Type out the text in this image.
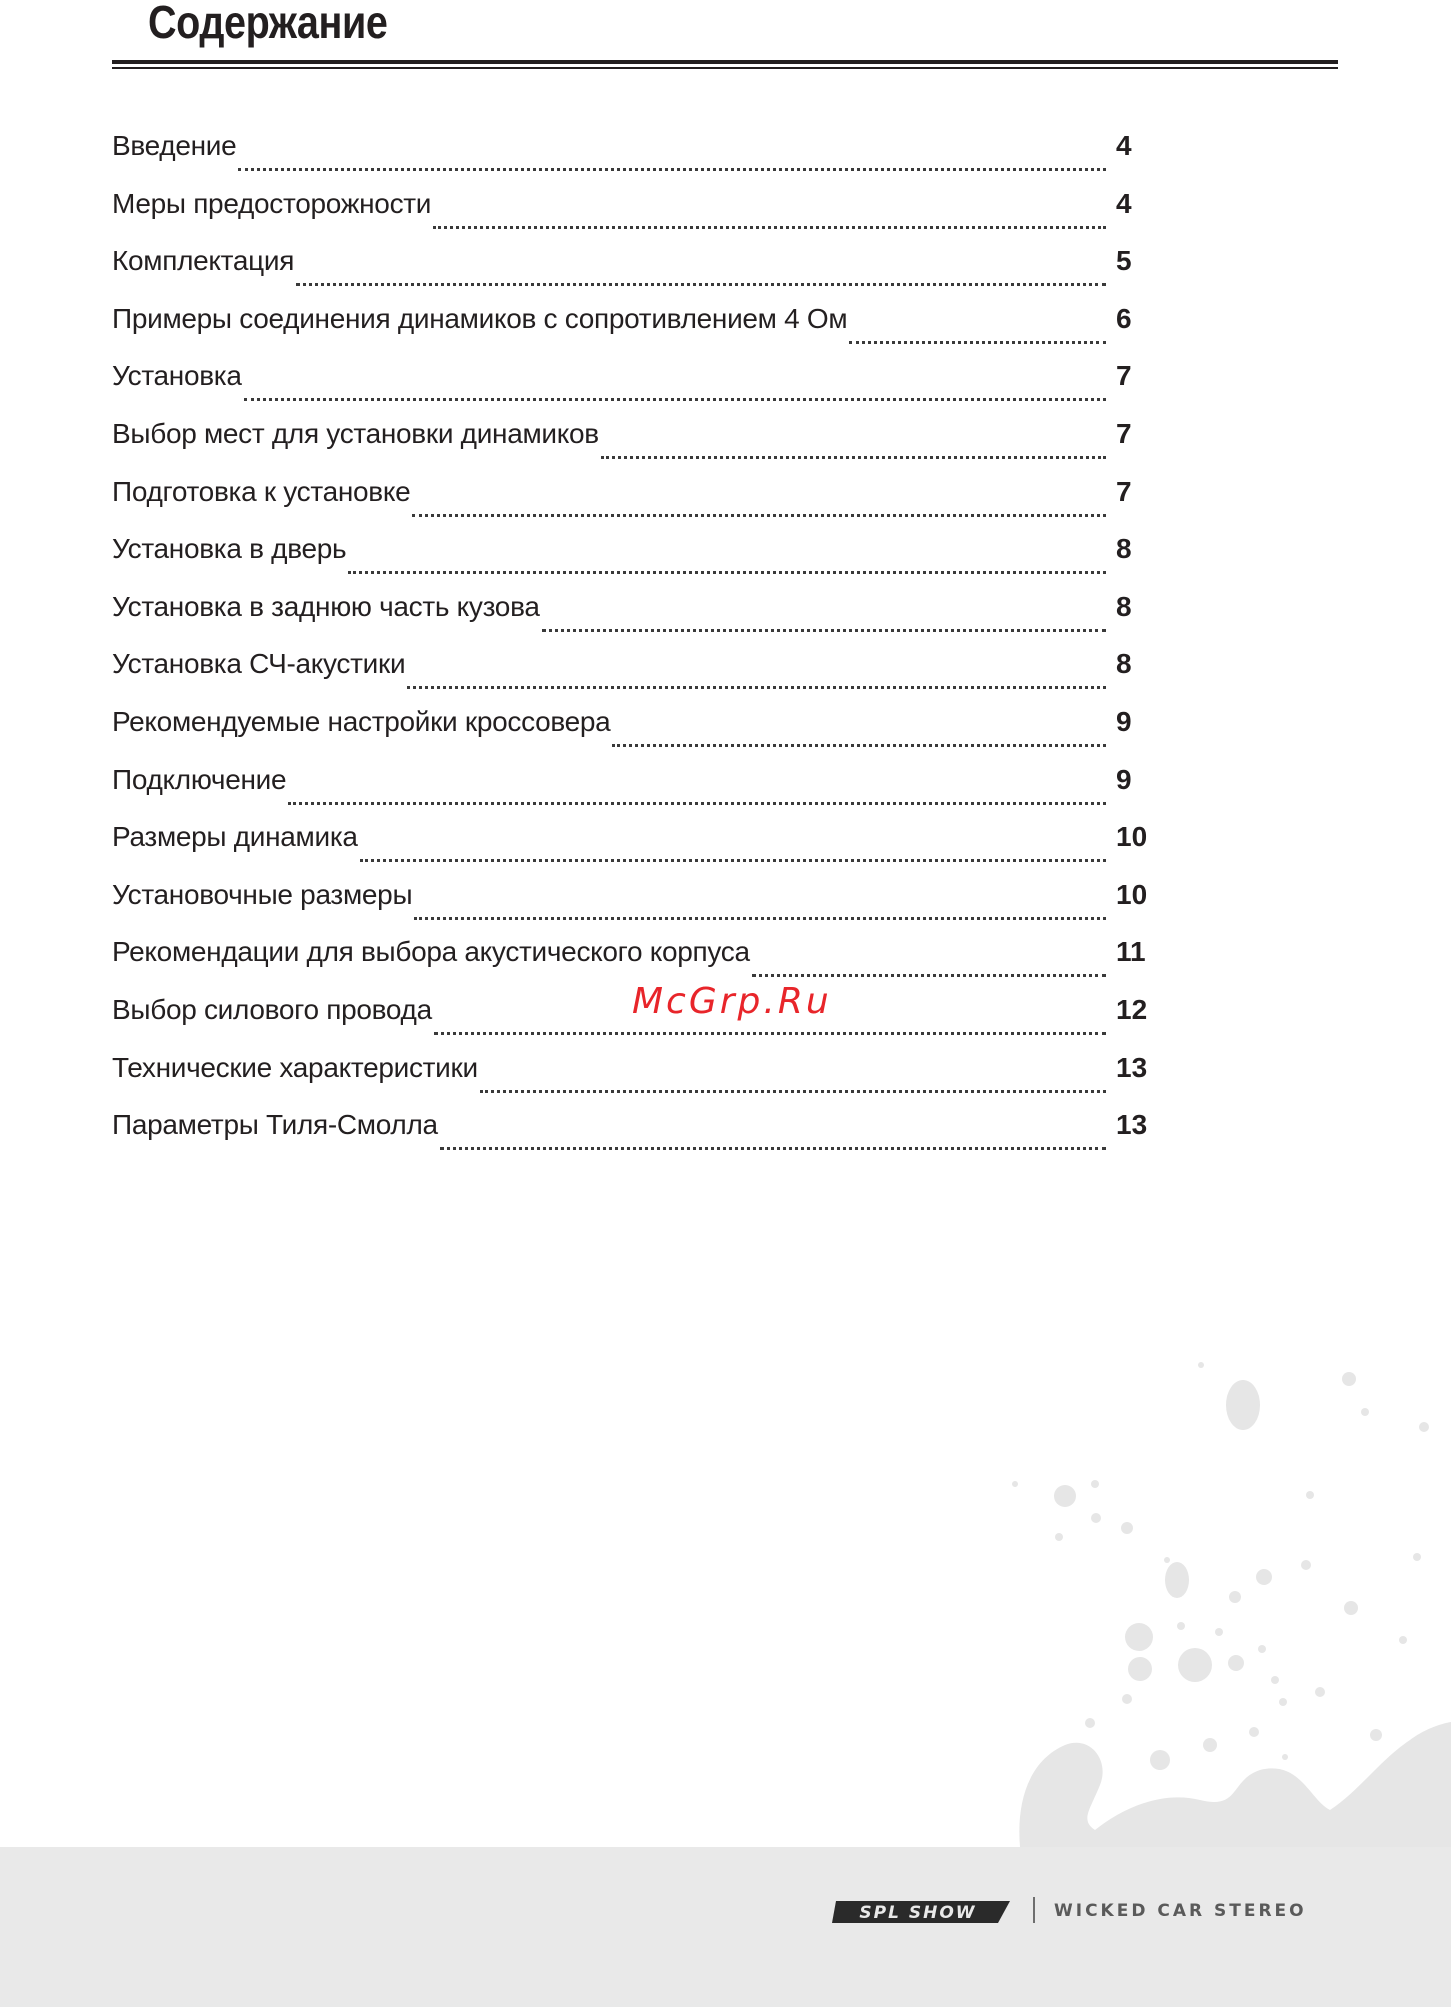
Содержание
Введение	4
Меры предосторожности	4
Комплектация	5
Примеры соединения динамиков с сопротивлением 4 Ом	6
Установка	7
Выбор мест для установки динамиков	7
Подготовка к установке	7
Установка в дверь	8
Установка в заднюю часть кузова	8
Установка СЧ-акустики	8
Рекомендуемые настройки кроссовера	9
Подключение	9
Размеры динамика	10
Установочные размеры	10
Рекомендации для выбора акустического корпуса	11
Выбор силового провода	12
Технические характеристики	13
Параметры Тиля-Смолла	13
McGrp.Ru
SPL SHOW	WICKED CAR STEREO
